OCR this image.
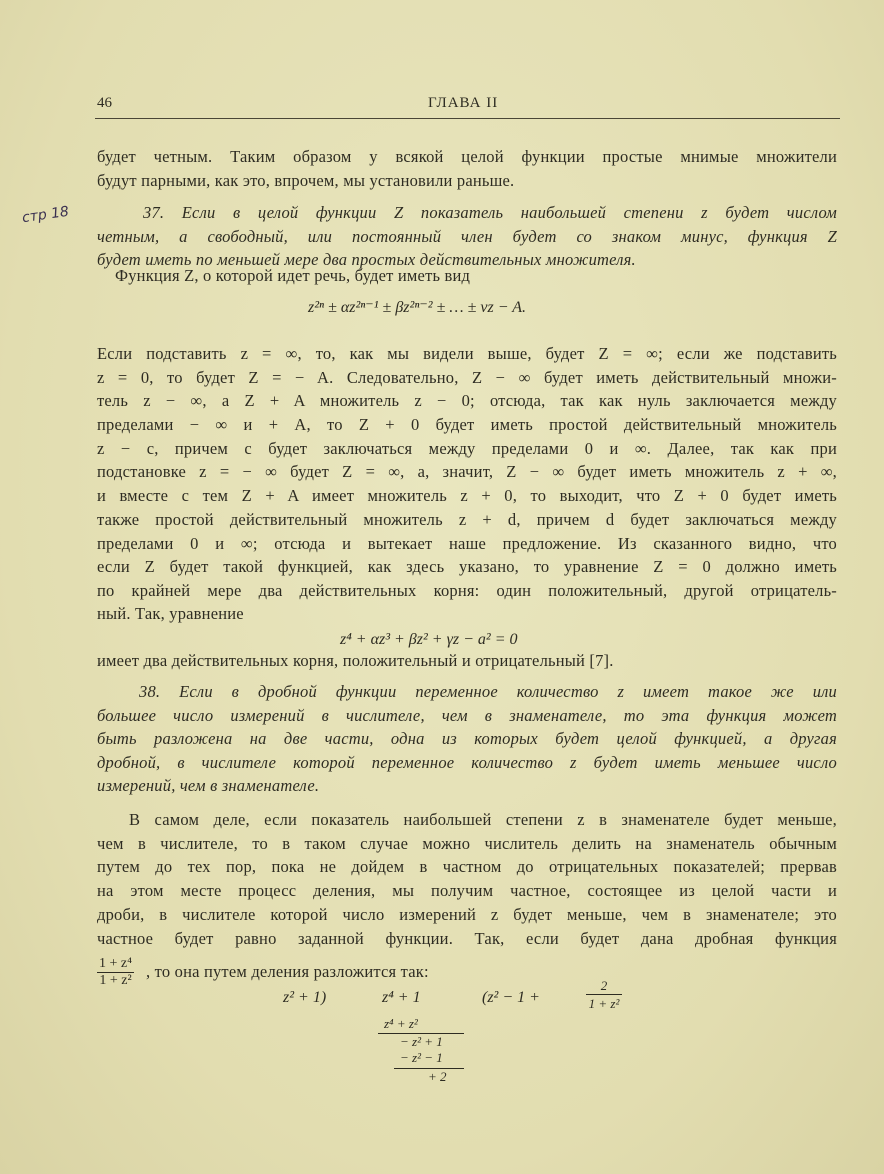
46	ГЛАВА II
стр 18
будет четным. Таким образом у всякой целой функции простые мнимые множители
будут парными, как это, впрочем, мы установили раньше.
37. Если в целой функции Z показатель наибольшей степени z будет числом
четным, а свободный, или постоянный член будет со знаком минус, функция Z
будет иметь по меньшей мере два простых действительных множителя.
Функция Z, о которой идет речь, будет иметь вид
z²ⁿ ± αz²ⁿ⁻¹ ± βz²ⁿ⁻² ± … ± νz − A.
Если подставить z = ∞, то, как мы видели выше, будет Z = ∞; если же подставить
z = 0, то будет Z = − A. Следовательно, Z − ∞ будет иметь действительный множи-
тель z − ∞, а Z + A множитель z − 0; отсюда, так как нуль заключается между
пределами − ∞ и + A, то Z + 0 будет иметь простой действительный множитель
z − c, причем c будет заключаться между пределами 0 и ∞. Далее, так как при
подстановке z = − ∞ будет Z = ∞, а, значит, Z − ∞ будет иметь множитель z + ∞,
и вместе с тем Z + A имеет множитель z + 0, то выходит, что Z + 0 будет иметь
также простой действительный множитель z + d, причем d будет заключаться между
пределами 0 и ∞; отсюда и вытекает наше предложение. Из сказанного видно, что
если Z будет такой функцией, как здесь указано, то уравнение Z = 0 должно иметь
по крайней мере два действительных корня: один положительный, другой отрицатель-
ный. Так, уравнение
z⁴ + αz³ + βz² + γz − a² = 0
имеет два действительных корня, положительный и отрицательный [7].
38. Если в дробной функции переменное количество z имеет такое же или
большее число измерений в числителе, чем в знаменателе, то эта функция может
быть разложена на две части, одна из которых будет целой функцией, а другая
дробной, в числителе которой переменное количество z будет иметь меньшее число
измерений, чем в знаменателе.
В самом деле, если показатель наибольшей степени z в знаменателе будет меньше,
чем в числителе, то в таком случае можно числитель делить на знаменатель обычным
путем до тех пор, пока не дойдем в частном до отрицательных показателей; прервав
на этом месте процесс деления, мы получим частное, состоящее из целой части и
дроби, в числителе которой число измерений z будет меньше, чем в знаменателе; это
частное будет равно заданной функции. Так, если будет дана дробная функция
$\frac{\text{1 + z⁴}}{\text{1 + z²}}$ , то она путем деления разложится так:
z² + 1)	z⁴ + 1	(z² − 1 +
2
1 + z²
z⁴ + z²
− z² + 1
− z² − 1
+ 2
